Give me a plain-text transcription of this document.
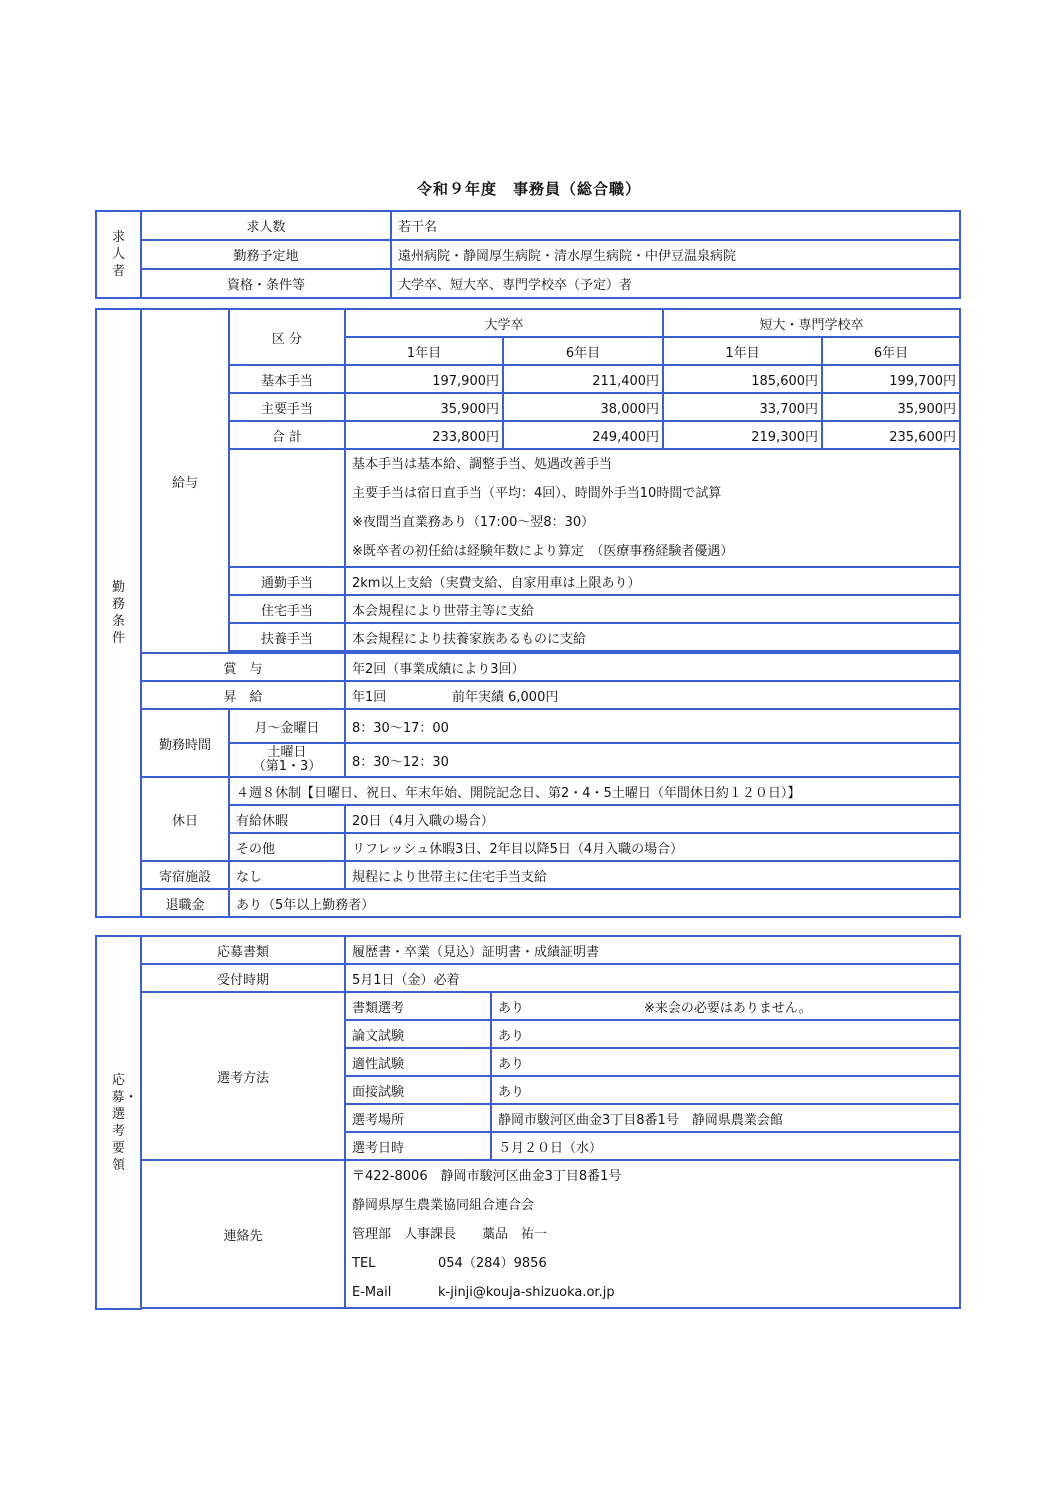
令和９年度　事務員（総合職）
求人者	求人数	若干名
	勤務予定地	遠州病院・静岡厚生病院・清水厚生病院・中伊豆温泉病院
	資格・条件等	大学卒、短大卒、専門学校卒（予定）者
勤務条件	給与	区 分	大学卒		短大・専門学校卒	
			1年目	6年目	1年目	6年目
		基本手当	197,900円	211,400円	185,600円	199,700円
		主要手当	35,900円	38,000円	33,700円	35,900円
		合 計	233,800円	249,400円	219,300円	235,600円

			基本手当は基本給、調整手当、処遇改善手当
主要手当は宿日直手当（平均：4回）、時間外手当10時間で試算
※夜間当直業務あり（17:00～翌8：30）
※既卒者の初任給は経験年数により算定　（医療事務経験者優遇）			

		通勤手当	2km以上支給（実費支給、自家用車は上限あり）			
		住宅手当	本会規程により世帯主等に支給			
		扶養手当	本会規程により扶養家族あるものに支給			

	賞　与		年2回（事業成績により3回）			
	昇　給		年1回 前年実績 6,000円			
	勤務時間	月～金曜日	8：30～17：00			

		土曜日
（第1・3）	8：30～12：30			
	休日	４週８休制【日曜日、祝日、年末年始、開院記念日、第2・4・5土曜日（年間休日約１２０日）】				
		有給休暇	20日（4月入職の場合）			
		その他	リフレッシュ休暇3日、2年目以降5日（4月入職の場合）			
	寄宿施設	なし	規程により世帯主に住宅手当支給			
	退職金	あり（5年以上勤務者）				
応募・選考要領	応募書類	履歴書・卒業（見込）証明書・成績証明書	
	受付時期	5月1日（金）必着	
	選考方法	書類選考	あり ※来会の必要はありません。
		論文試験	あり
		適性試験	あり
		面接試験	あり
		選考場所	静岡市駿河区曲金3丁目8番1号　静岡県農業会館
		選考日時	５月２０日（水）
	連絡先	〒422-8006　静岡市駿河区曲金3丁目8番1号
静岡県厚生農業協同組合連合会
管理部　人事課長　　藁品　祐一
TEL 054（284）9856
E-Mail k-jinji@kouja-shizuoka.or.jp	
